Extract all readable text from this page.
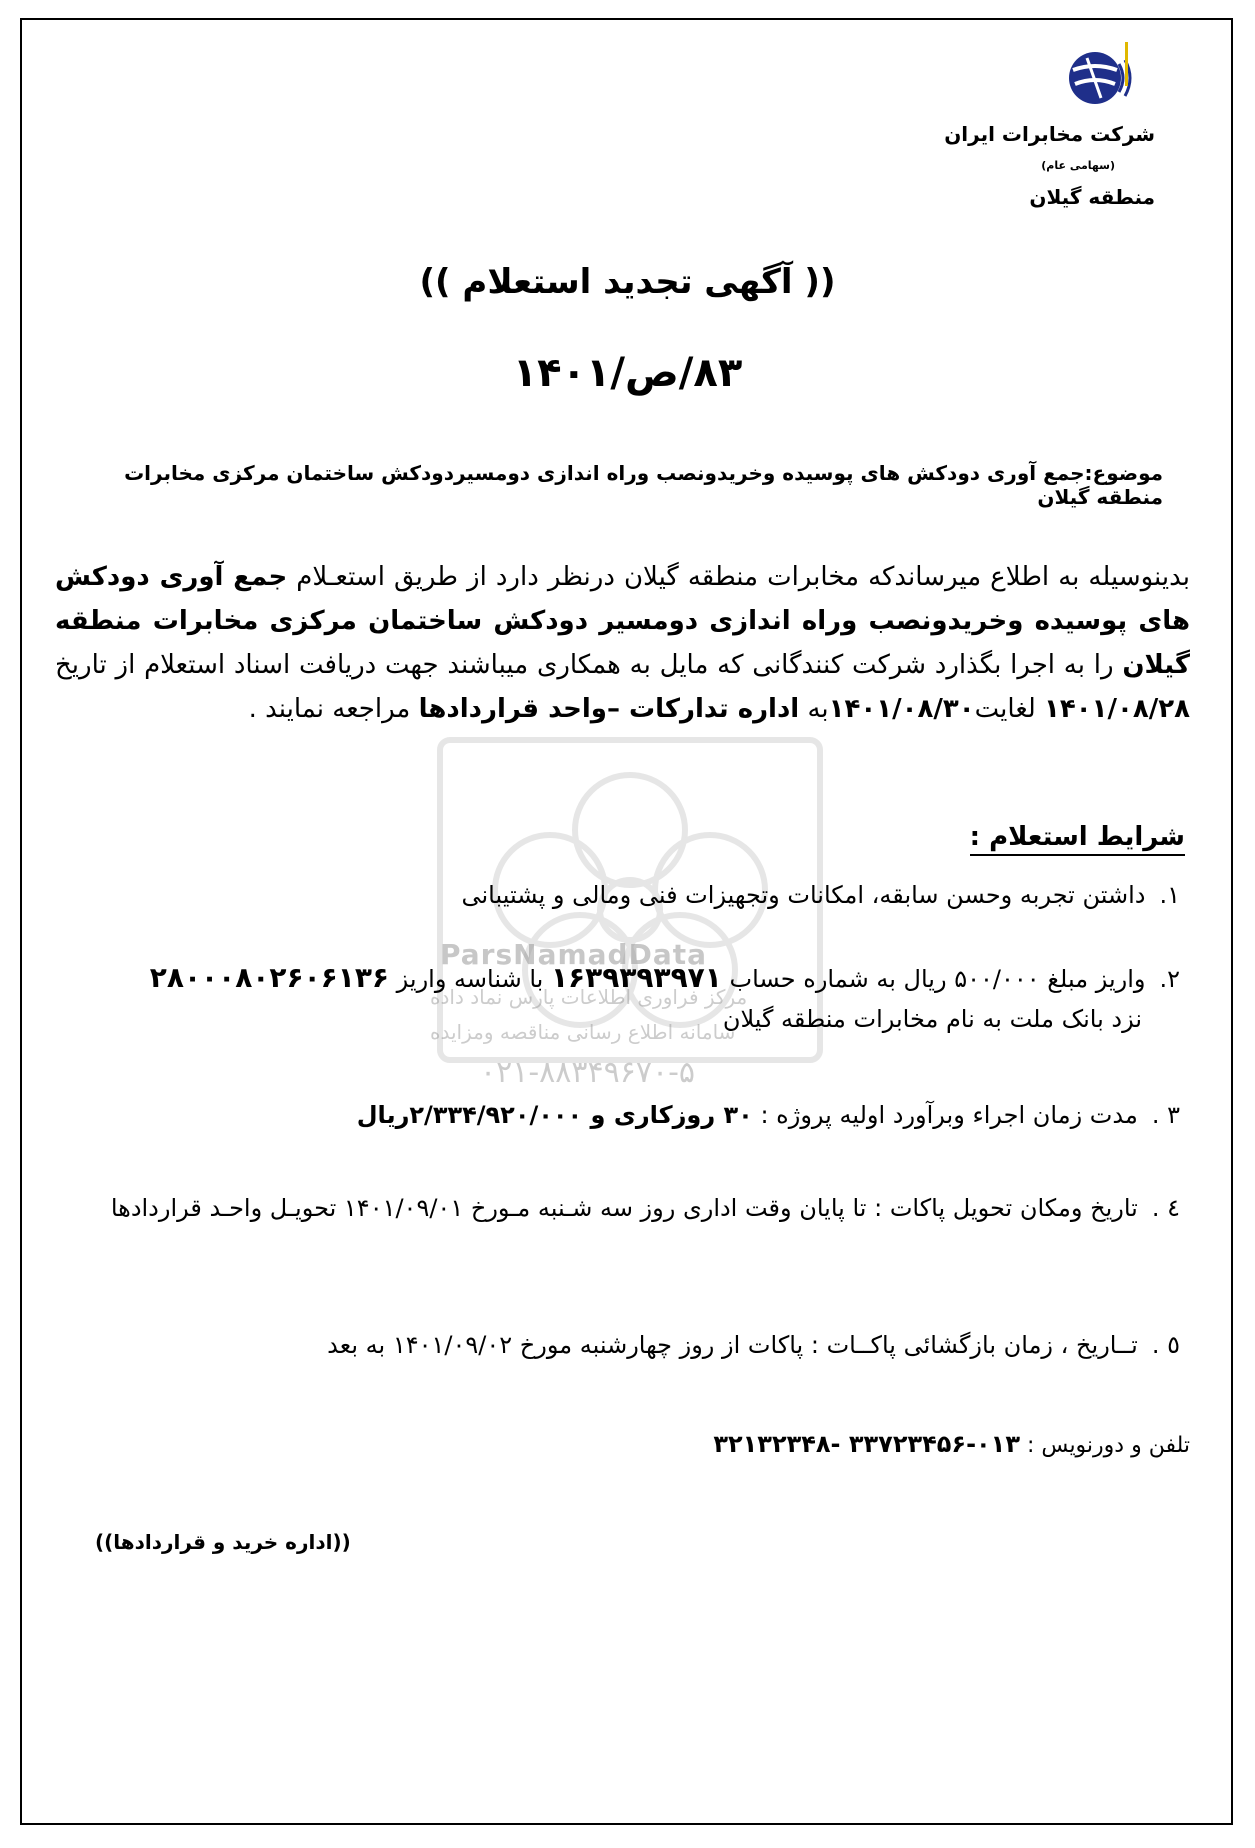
ParsNamadData
مرکز فراوری اطلاعات پارس نماد داده
سامانه اطلاع رسانی مناقصه ومزایده
۰۲۱-۸۸۳۴۹۶۷۰-۵
شرکت مخابرات ایران
(سهامی عام)
منطقه گیلان
(( آگهی تجدید استعلام ))
۸۳/ص/۱۴۰۱
موضوع:جمع آوری دودکش های پوسیده وخریدونصب وراه اندازی دومسیردودکش ساختمان مرکزی مخابرات منطقه گیلان
بدینوسیله به اطلاع میرساندکه مخابرات منطقه گیلان درنظر دارد از طریق استعـلام جمع آوری دودکش های پوسیده وخریدونصب وراه اندازی دومسیر دودکش ساختمان مرکزی مخابرات منطقه گیلان را به اجرا بگذارد شرکت کنندگانی که مایل به همکاری میباشند جهت دریافت اسناد استعلام از تاریخ ۱۴۰۱/۰۸/۲۸ لغایت۱۴۰۱/۰۸/۳۰به اداره تدارکات –واحد قراردادها مراجعه نمایند .
شرایط استعلام :
۱.داشتن تجربه وحسن سابقه، امکانات وتجهیزات فنی ومالی و پشتیبانی
۲.واریز مبلغ ۵۰۰/۰۰۰ ریال به شماره حساب ۱۶۳۹۳۹۳۹۷۱ با شناسه واریز ۲۸۰۰۰۸۰۲۶۰۶۱۳۶
نزد بانک ملت به نام مخابرات منطقه گیلان
۳ .مدت زمان اجراء وبرآورد اولیه پروژه : ۳۰ روزکاری و ۲/۳۳۴/۹۲۰/۰۰۰ریال
٤ .تاریخ ومکان تحویل پاکات : تا پایان وقت اداری روز سه شـنبه مـورخ ۱۴۰۱/۰۹/۰۱ تحویـل واحـد قراردادها
٥ .تــاریخ ، زمان بازگشائی پاکــات : پاکات از روز چهارشنبه مورخ ۱۴۰۱/۰۹/۰۲ به بعد
تلفن و دورنویس : ۰۱۳-۳۳۷۲۳۴۵۶ -۳۲۱۳۲۳۴۸
((اداره خرید و قراردادها))
